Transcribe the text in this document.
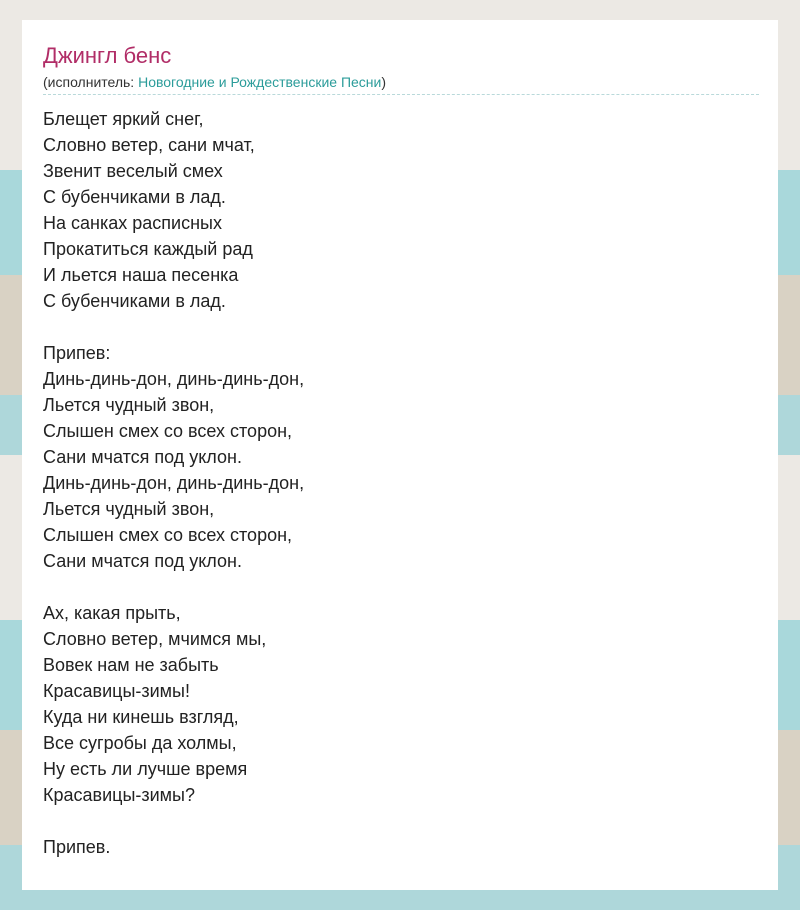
Джингл бенс
(исполнитель: Новогодние и Рождественские Песни)
Блещет яркий снег,
Словно ветер, сани мчат,
Звенит веселый смех
С бубенчиками в лад.
На санках расписных
Прокатиться каждый рад
И льется наша песенка
С бубенчиками в лад.
Припев:
Динь-динь-дон, динь-динь-дон,
Льется чудный звон,
Слышен смех со всех сторон,
Сани мчатся под уклон.
Динь-динь-дон, динь-динь-дон,
Льется чудный звон,
Слышен смех со всех сторон,
Сани мчатся под уклон.
Ах, какая прыть,
Словно ветер, мчимся мы,
Вовек нам не забыть
Красавицы-зимы!
Куда ни кинешь взгляд,
Все сугробы да холмы,
Ну есть ли лучше время
Красавицы-зимы?
Припев.
